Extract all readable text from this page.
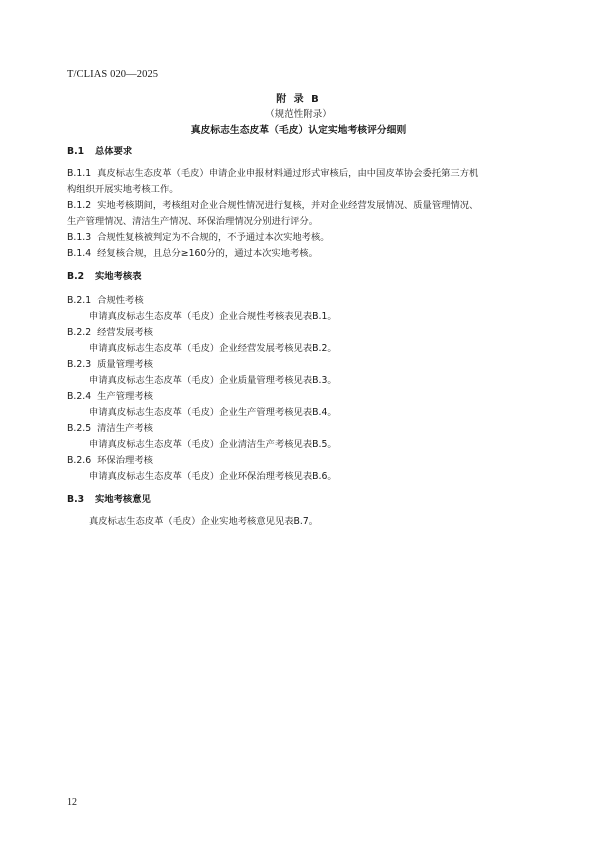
T/CLIAS 020—2025
附 录 B
（规范性附录）
真皮标志生态皮革（毛皮）认定实地考核评分细则
B.1 总体要求
B.1.1 真皮标志生态皮革（毛皮）申请企业申报材料通过形式审核后，由中国皮革协会委托第三方机
构组织开展实地考核工作。
B.1.2 实地考核期间，考核组对企业合规性情况进行复核，并对企业经营发展情况、质量管理情况、
生产管理情况、清洁生产情况、环保治理情况分别进行评分。
B.1.3 合规性复核被判定为不合规的，不予通过本次实地考核。
B.1.4 经复核合规，且总分≥160分的，通过本次实地考核。
B.2 实地考核表
B.2.1 合规性考核
申请真皮标志生态皮革（毛皮）企业合规性考核表见表B.1。
B.2.2 经营发展考核
申请真皮标志生态皮革（毛皮）企业经营发展考核见表B.2。
B.2.3 质量管理考核
申请真皮标志生态皮革（毛皮）企业质量管理考核见表B.3。
B.2.4 生产管理考核
申请真皮标志生态皮革（毛皮）企业生产管理考核见表B.4。
B.2.5 清洁生产考核
申请真皮标志生态皮革（毛皮）企业清洁生产考核见表B.5。
B.2.6 环保治理考核
申请真皮标志生态皮革（毛皮）企业环保治理考核见表B.6。
B.3 实地考核意见
真皮标志生态皮革（毛皮）企业实地考核意见见表B.7。
12
